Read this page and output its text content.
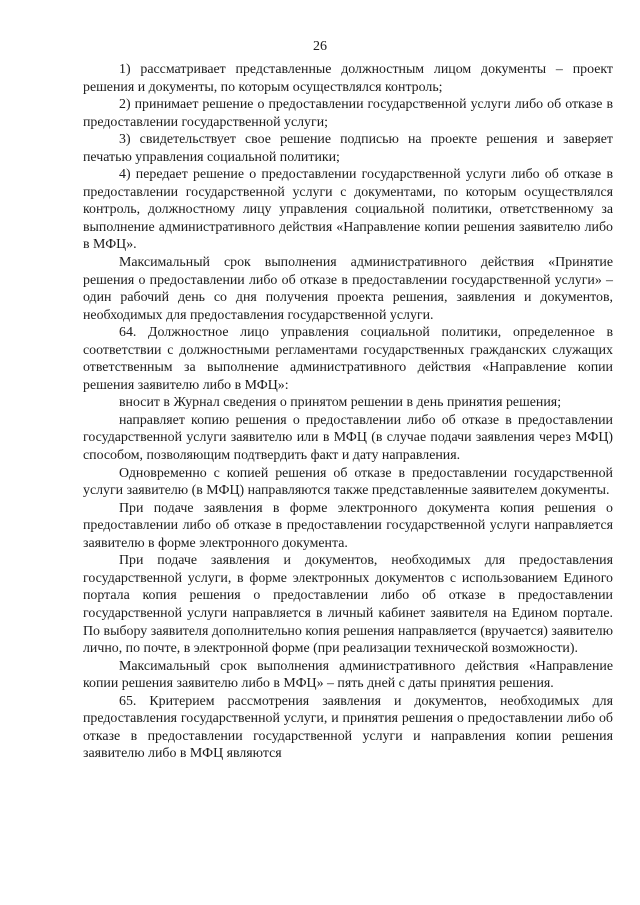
26

1) рассматривает представленные должностным лицом документы – проект решения и документы, по которым осуществлялся контроль;

2) принимает решение о предоставлении государственной услуги либо об отказе в предоставлении государственной услуги;

3) свидетельствует свое решение подписью на проекте решения и заверяет печатью управления социальной политики;

4) передает решение о предоставлении государственной услуги либо об отказе в предоставлении государственной услуги с документами, по которым осуществлялся контроль, должностному лицу управления социальной политики, ответственному за выполнение административного действия «Направление копии решения заявителю либо в МФЦ».

Максимальный срок выполнения административного действия «Принятие решения о предоставлении либо об отказе в предоставлении государственной услуги» – один рабочий день со дня получения проекта решения, заявления и документов, необходимых для предоставления государственной услуги.

64. Должностное лицо управления социальной политики, определенное в соответствии с должностными регламентами государственных гражданских служащих ответственным за выполнение административного действия «Направление копии решения заявителю либо в МФЦ»:

вносит в Журнал сведения о принятом решении в день принятия решения;

направляет копию решения о предоставлении либо об отказе в предоставлении государственной услуги заявителю или в МФЦ (в случае подачи заявления через МФЦ) способом, позволяющим подтвердить факт и дату направления.

Одновременно с копией решения об отказе в предоставлении государственной услуги заявителю (в МФЦ) направляются также представленные заявителем документы.

При подаче заявления в форме электронного документа копия решения о предоставлении либо об отказе в предоставлении государственной услуги направляется заявителю в форме электронного документа.

При подаче заявления и документов, необходимых для предоставления государственной услуги, в форме электронных документов с использованием Единого портала копия решения о предоставлении либо об отказе в предоставлении государственной услуги направляется в личный кабинет заявителя на Едином портале. По выбору заявителя дополнительно копия решения направляется (вручается) заявителю лично, по почте, в электронной форме (при реализации технической возможности).

Максимальный срок выполнения административного действия «Направление копии решения заявителю либо в МФЦ» – пять дней с даты принятия решения.

65. Критерием рассмотрения заявления и документов, необходимых для предоставления государственной услуги, и принятия решения о предоставлении либо об отказе в предоставлении государственной услуги и направления копии решения заявителю либо в МФЦ являются
